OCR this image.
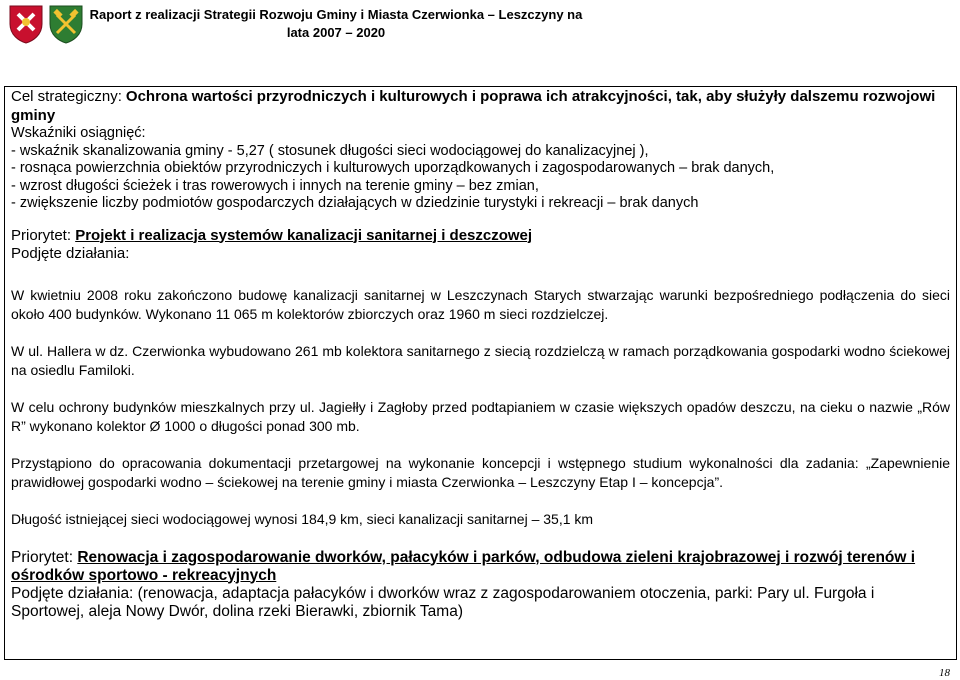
Raport z realizacji Strategii Rozwoju Gminy i Miasta Czerwionka – Leszczyny na lata 2007 – 2020
Cel strategiczny: Ochrona wartości przyrodniczych i kulturowych i poprawa ich atrakcyjności, tak, aby służyły dalszemu rozwojowi gminy
Wskaźniki osiągnięć:
- wskaźnik skanalizowania gminy - 5,27 ( stosunek długości sieci wodociągowej do kanalizacyjnej ),
- rosnąca powierzchnia obiektów przyrodniczych i kulturowych uporządkowanych i zagospodarowanych – brak danych,
- wzrost długości ścieżek i tras rowerowych i innych na terenie gminy – bez zmian,
- zwiększenie liczby podmiotów gospodarczych działających w dziedzinie turystyki i rekreacji – brak danych
Priorytet: Projekt i realizacja systemów kanalizacji sanitarnej i deszczowej
Podjęte działania:

W kwietniu 2008 roku zakończono budowę kanalizacji sanitarnej w Leszczynach Starych stwarzając warunki bezpośredniego podłączenia do sieci około 400 budynków. Wykonano 11 065 m kolektorów zbiorczych oraz 1960 m sieci rozdzielczej.

W ul. Hallera w dz. Czerwionka wybudowano 261 mb kolektora sanitarnego z siecią rozdzielczą w ramach porządkowania gospodarki wodno ściekowej na osiedlu Familoki.

W celu ochrony budynków mieszkalnych przy ul. Jagiełły i Zagłoby przed podtapianiem w czasie większych opadów deszczu, na cieku o nazwie „Rów R” wykonano kolektor Ø 1000 o długości ponad 300 mb.

Przystąpiono do opracowania dokumentacji przetargowej na wykonanie koncepcji i wstępnego studium wykonalności dla zadania: „Zapewnienie prawidłowej gospodarki wodno – ściekowej na terenie gminy i miasta Czerwionka – Leszczyny Etap I – koncepcja”.

Długość istniejącej sieci wodociągowej wynosi 184,9 km, sieci kanalizacji sanitarnej – 35,1 km

Priorytet: Renowacja i zagospodarowanie dworków, pałacyków i parków, odbudowa zieleni krajobrazowej i rozwój terenów i ośrodków sportowo - rekreacyjnych
Podjęte działania: (renowacja, adaptacja pałacyków i dworków wraz z zagospodarowaniem otoczenia, parki: Pary ul. Furgoła i Sportowej, aleja Nowy Dwór, dolina rzeki Bierawki, zbiornik Tama)
18
